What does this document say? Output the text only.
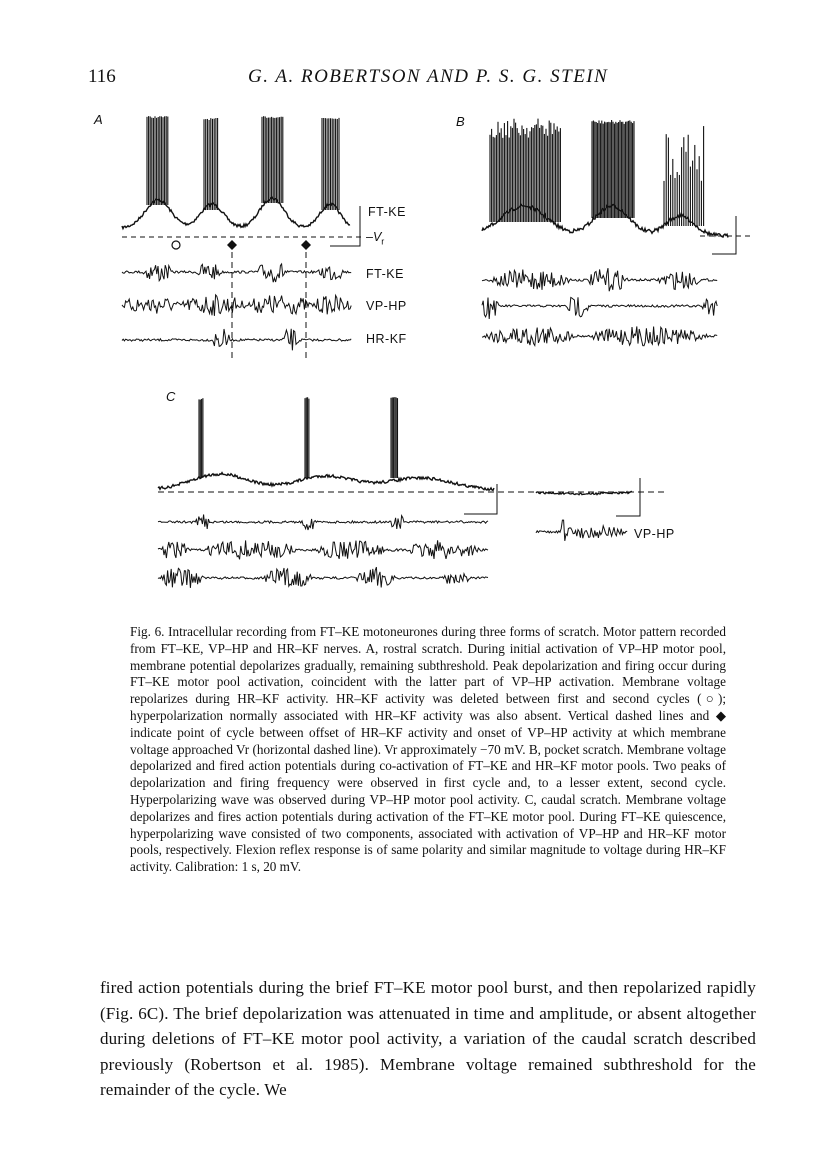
116	G. A. ROBERTSON AND P. S. G. STEIN
A	B
C
FT-KE
$-V_r$
FT-KE
VP-HP
HR-KF
VP-HP

Fig. 6. Intracellular recording from FT–KE motoneurones during three forms of scratch. Motor pattern recorded from FT–KE, VP–HP and HR–KF nerves. A, rostral scratch. During initial activation of VP–HP motor pool, membrane potential depolarizes gradually, remaining subthreshold. Peak depolarization and firing occur during FT–KE motor pool activation, coincident with the latter part of VP–HP activation. Membrane voltage repolarizes during HR–KF activity. HR–KF activity was deleted between first and second cycles (○); hyperpolarization normally associated with HR–KF activity was also absent. Vertical dashed lines and ◆ indicate point of cycle between offset of HR–KF activity and onset of VP–HP activity at which membrane voltage approached Vr (horizontal dashed line). Vr approximately −70 mV. B, pocket scratch. Membrane voltage depolarized and fired action potentials during co-activation of FT–KE and HR–KF motor pools. Two peaks of depolarization and firing frequency were observed in first cycle and, to a lesser extent, second cycle. Hyperpolarizing wave was observed during VP–HP motor pool activity. C, caudal scratch. Membrane voltage depolarizes and fires action potentials during activation of the FT–KE motor pool. During FT–KE quiescence, hyperpolarizing wave consisted of two components, associated with activation of VP–HP and HR–KF motor pools, respectively. Flexion reflex response is of same polarity and similar magnitude to voltage during HR–KF activity. Calibration: 1 s, 20 mV.

fired action potentials during the brief FT–KE motor pool burst, and then repolarized rapidly (Fig. 6C). The brief depolarization was attenuated in time and amplitude, or absent altogether during deletions of FT–KE motor pool activity, a variation of the caudal scratch described previously (Robertson et al. 1985). Membrane voltage remained subthreshold for the remainder of the cycle. We
